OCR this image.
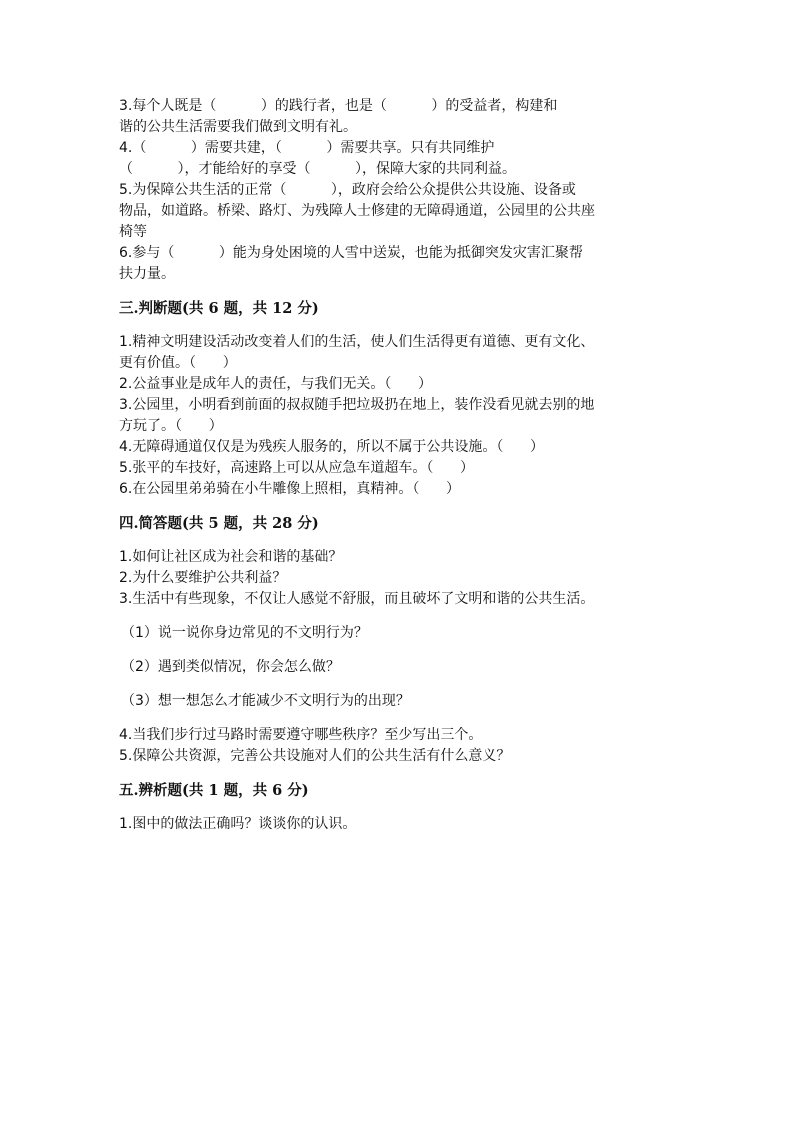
3.每个人既是（          ）的践行者，也是（          ）的受益者，构建和

谐的公共生活需要我们做到文明有礼。

4.（          ）需要共建，（          ）需要共享。只有共同维护

（          ），才能给好的享受（          ），保障大家的共同利益。

5.为保障公共生活的正常（          ），政府会给公众提供公共设施、设备或

物品，如道路。桥梁、路灯、为残障人士修建的无障碍通道，公园里的公共座

椅等

6.参与（          ）能为身处困境的人雪中送炭，也能为抵御突发灾害汇聚帮

扶力量。

三.判断题(共 6 题，共 12 分)

1.精神文明建设活动改变着人们的生活，使人们生活得更有道德、更有文化、

更有价值。（      ）

2.公益事业是成年人的责任，与我们无关。（      ）

3.公园里，小明看到前面的叔叔随手把垃圾扔在地上，装作没看见就去别的地

方玩了。（      ）

4.无障碍通道仅仅是为残疾人服务的，所以不属于公共设施。（      ）

5.张平的车技好，高速路上可以从应急车道超车。（      ）

6.在公园里弟弟骑在小牛雕像上照相，真精神。（      ）

四.简答题(共 5 题，共 28 分)

1.如何让社区成为社会和谐的基础？

2.为什么要维护公共利益？

3.生活中有些现象，不仅让人感觉不舒服，而且破坏了文明和谐的公共生活。

（1）说一说你身边常见的不文明行为？

（2）遇到类似情况，你会怎么做？

（3）想一想怎么才能减少不文明行为的出现？

4.当我们步行过马路时需要遵守哪些秩序？至少写出三个。

5.保障公共资源，完善公共设施对人们的公共生活有什么意义？

五.辨析题(共 1 题，共 6 分)

1.图中的做法正确吗？谈谈你的认识。
